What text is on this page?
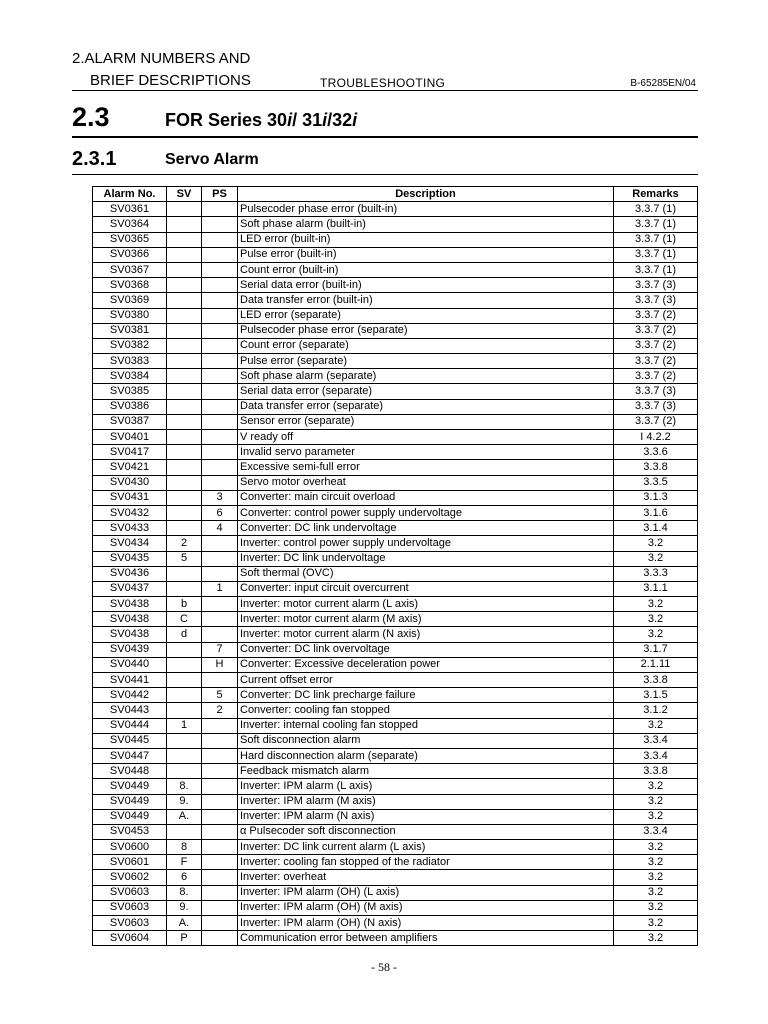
2.ALARM NUMBERS AND
BRIEF DESCRIPTIONS	TROUBLESHOOTING	B-65285EN/04
2.3	FOR Series 30i/ 31i/32i
2.3.1	Servo Alarm
Alarm No.	SV	PS	Description	Remarks
SV0361			Pulsecoder phase error (built-in)	3.3.7 (1)
SV0364			Soft phase alarm (built-in)	3.3.7 (1)
SV0365			LED error (built-in)	3.3.7 (1)
SV0366			Pulse error (built-in)	3.3.7 (1)
SV0367			Count error (built-in)	3.3.7 (1)
SV0368			Serial data error (built-in)	3.3.7 (3)
SV0369			Data transfer error (built-in)	3.3.7 (3)
SV0380			LED error (separate)	3.3.7 (2)
SV0381			Pulsecoder phase error (separate)	3.3.7 (2)
SV0382			Count error (separate)	3.3.7 (2)
SV0383			Pulse error (separate)	3.3.7 (2)
SV0384			Soft phase alarm (separate)	3.3.7 (2)
SV0385			Serial data error (separate)	3.3.7 (3)
SV0386			Data transfer error (separate)	3.3.7 (3)
SV0387			Sensor error (separate)	3.3.7 (2)
SV0401			V ready off	I 4.2.2
SV0417			Invalid servo parameter	3.3.6
SV0421			Excessive semi-full error	3.3.8
SV0430			Servo motor overheat	3.3.5
SV0431		3	Converter: main circuit overload	3.1.3
SV0432		6	Converter: control power supply undervoltage	3.1.6
SV0433		4	Converter: DC link undervoltage	3.1.4
SV0434	2		Inverter: control power supply undervoltage	3.2
SV0435	5		Inverter: DC link undervoltage	3.2
SV0436			Soft thermal (OVC)	3.3.3
SV0437		1	Converter: input circuit overcurrent	3.1.1
SV0438	b		Inverter: motor current alarm (L axis)	3.2
SV0438	C		Inverter: motor current alarm (M axis)	3.2
SV0438	d		Inverter: motor current alarm (N axis)	3.2
SV0439		7	Converter: DC link overvoltage	3.1.7
SV0440		H	Converter: Excessive deceleration power	2.1.11
SV0441			Current offset error	3.3.8
SV0442		5	Converter: DC link precharge failure	3.1.5
SV0443		2	Converter: cooling fan stopped	3.1.2
SV0444	1		Inverter: internal cooling fan stopped	3.2
SV0445			Soft disconnection alarm	3.3.4
SV0447			Hard disconnection alarm (separate)	3.3.4
SV0448			Feedback mismatch alarm	3.3.8
SV0449	8.		Inverter: IPM alarm (L axis)	3.2
SV0449	9.		Inverter: IPM alarm (M axis)	3.2
SV0449	A.		Inverter: IPM alarm (N axis)	3.2
SV0453			α Pulsecoder soft disconnection	3.3.4
SV0600	8		Inverter: DC link current alarm (L axis)	3.2
SV0601	F		Inverter: cooling fan stopped of the radiator	3.2
SV0602	6		Inverter: overheat	3.2
SV0603	8.		Inverter: IPM alarm (OH) (L axis)	3.2
SV0603	9.		Inverter: IPM alarm (OH) (M axis)	3.2
SV0603	A.		Inverter: IPM alarm (OH) (N axis)	3.2
SV0604	P		Communication error between amplifiers	3.2
- 58 -
